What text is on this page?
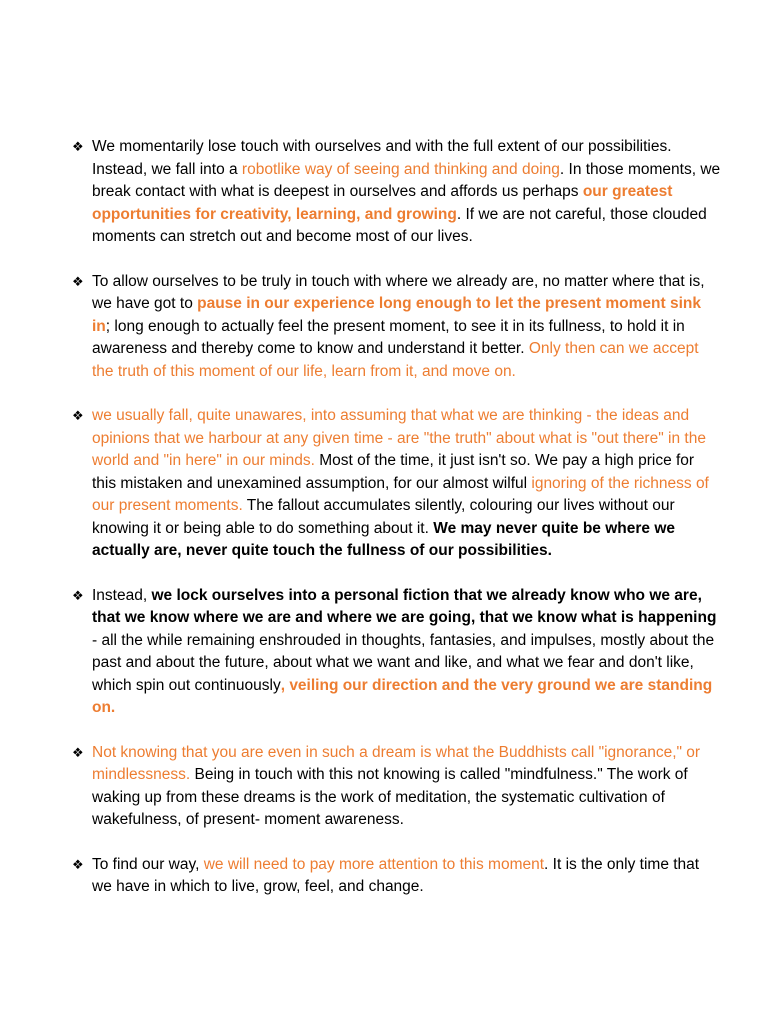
❖ We momentarily lose touch with ourselves and with the full extent of our possibilities. Instead, we fall into a robotlike way of seeing and thinking and doing. In those moments, we break contact with what is deepest in ourselves and affords us perhaps our greatest opportunities for creativity, learning, and growing. If we are not careful, those clouded moments can stretch out and become most of our lives.
❖ To allow ourselves to be truly in touch with where we already are, no matter where that is, we have got to pause in our experience long enough to let the present moment sink in; long enough to actually feel the present moment, to see it in its fullness, to hold it in awareness and thereby come to know and understand it better. Only then can we accept the truth of this moment of our life, learn from it, and move on.
❖ we usually fall, quite unawares, into assuming that what we are thinking - the ideas and opinions that we harbour at any given time - are "the truth" about what is "out there" in the world and "in here" in our minds. Most of the time, it just isn't so. We pay a high price for this mistaken and unexamined assumption, for our almost wilful ignoring of the richness of our present moments. The fallout accumulates silently, colouring our lives without our knowing it or being able to do something about it. We may never quite be where we actually are, never quite touch the fullness of our possibilities.
❖ Instead, we lock ourselves into a personal fiction that we already know who we are, that we know where we are and where we are going, that we know what is happening - all the while remaining enshrouded in thoughts, fantasies, and impulses, mostly about the past and about the future, about what we want and like, and what we fear and don't like, which spin out continuously, veiling our direction and the very ground we are standing on.
❖ Not knowing that you are even in such a dream is what the Buddhists call "ignorance," or mindlessness. Being in touch with this not knowing is called "mindfulness." The work of waking up from these dreams is the work of meditation, the systematic cultivation of wakefulness, of present- moment awareness.
❖ To find our way, we will need to pay more attention to this moment. It is the only time that we have in which to live, grow, feel, and change.
